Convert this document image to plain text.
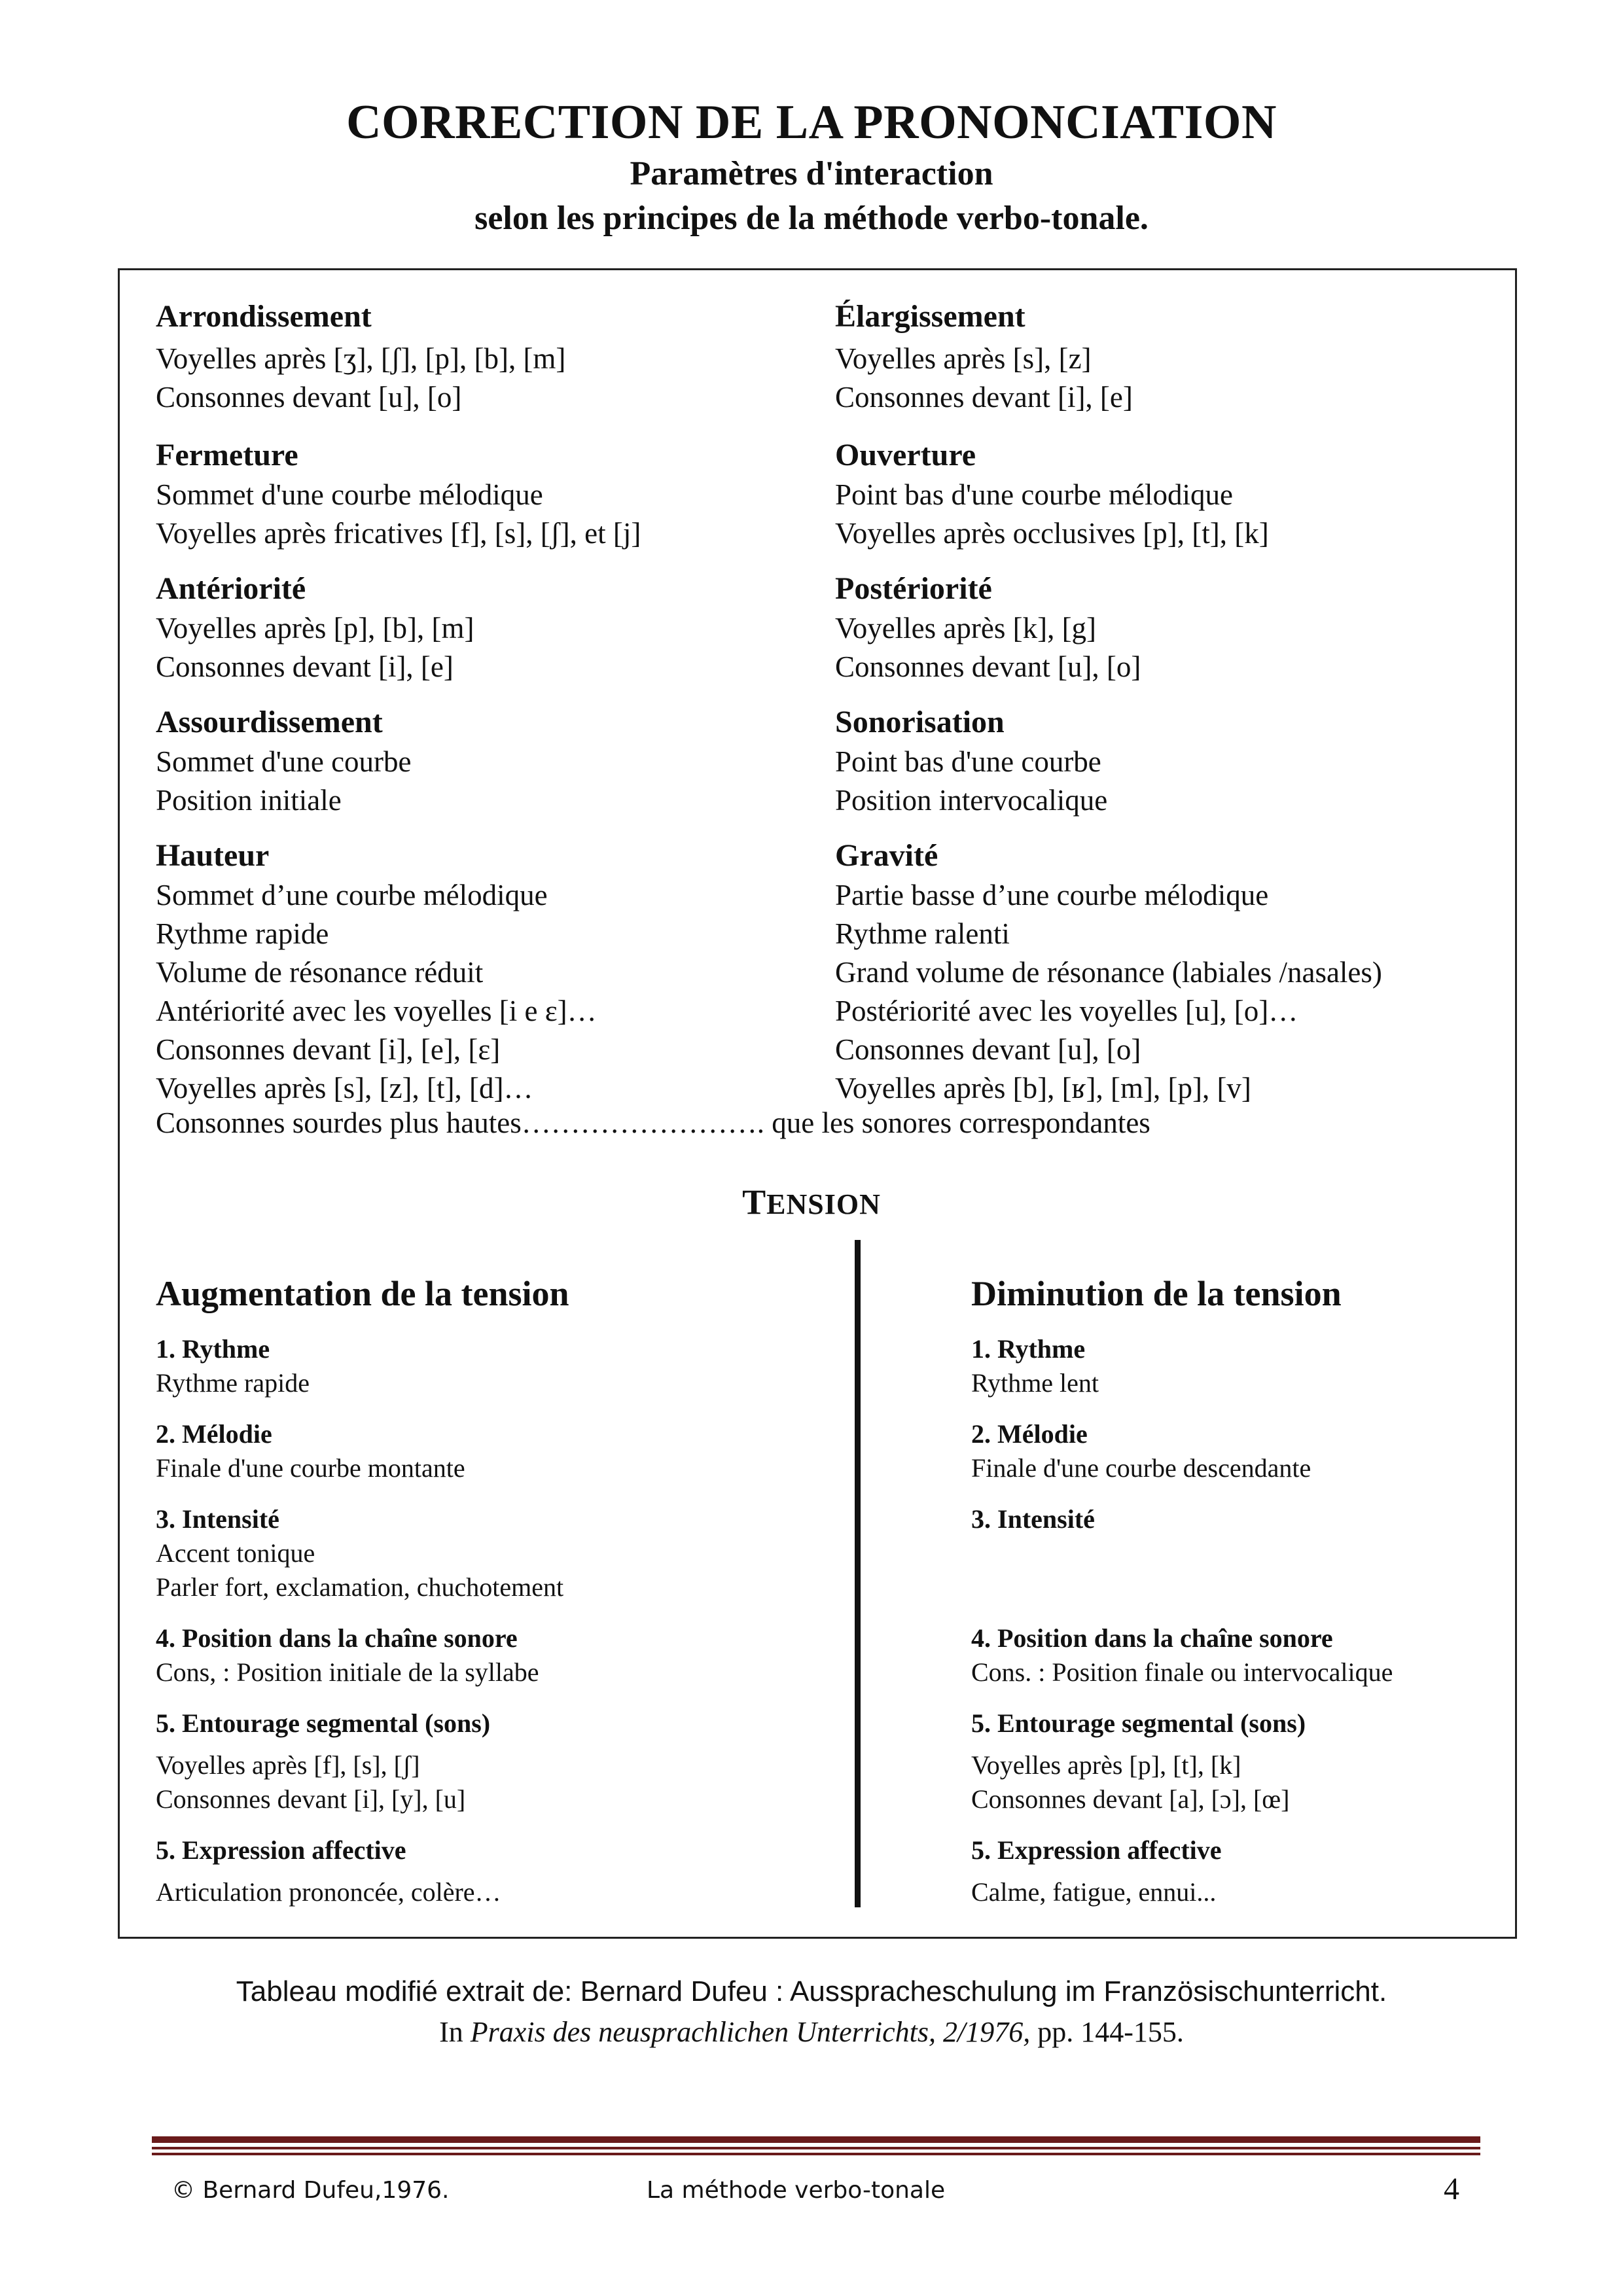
CORRECTION DE LA PRONONCIATION
Paramètres d'interaction
selon les principes de la méthode verbo-tonale.
Arrondissement
Voyelles après [ʒ], [ʃ], [p], [b], [m]
Consonnes devant [u], [o]
Fermeture
Sommet d'une courbe mélodique
Voyelles après fricatives [f], [s], [ʃ], et [j]
Antériorité
Voyelles après [p], [b], [m]
Consonnes devant [i], [e]
Assourdissement
Sommet d'une courbe
Position initiale
Hauteur
Sommet d’une courbe mélodique
Rythme rapide
Volume de résonance réduit
Antériorité avec les voyelles [i e ɛ]…
Consonnes devant [i], [e], [ɛ]
Voyelles après [s], [z], [t], [d]…
Élargissement
Voyelles après [s], [z]
Consonnes devant [i], [e]
Ouverture
Point bas d'une courbe mélodique
Voyelles après occlusives [p], [t], [k]
Postériorité
Voyelles après [k], [g]
Consonnes devant [u], [o]
Sonorisation
Point bas d'une courbe
Position intervocalique
Gravité
Partie basse d’une courbe mélodique
Rythme ralenti
Grand volume de résonance (labiales /nasales)
Postériorité avec les voyelles [u], [o]…
Consonnes devant [u], [o]
Voyelles après [b], [ʁ], [m], [p], [v]
Consonnes sourdes plus hautes……………………. que les sonores correspondantes
TENSION
Augmentation de la tension
1. Rythme
Rythme rapide
2. Mélodie
Finale d'une courbe montante
3. Intensité
Accent tonique
Parler fort, exclamation, chuchotement
4. Position dans la chaîne sonore
Cons, : Position initiale de la syllabe
5. Entourage segmental (sons)
Voyelles après [f], [s], [ʃ]
Consonnes devant [i], [y], [u]
5. Expression affective
Articulation prononcée, colère…
Diminution de la tension
1. Rythme
Rythme lent
2. Mélodie
Finale d'une courbe descendante
3. Intensité
4. Position dans la chaîne sonore
Cons. : Position finale ou intervocalique
5. Entourage segmental (sons)
Voyelles après [p], [t], [k]
Consonnes devant [a], [ɔ], [œ]
5. Expression affective
Calme, fatigue, ennui...
Tableau modifié extrait de: Bernard Dufeu : Ausspracheschulung im Französischunterricht.
In Praxis des neusprachlichen Unterrichts, 2/1976, pp. 144-155.
© Bernard Dufeu,1976.	La méthode verbo-tonale	4
